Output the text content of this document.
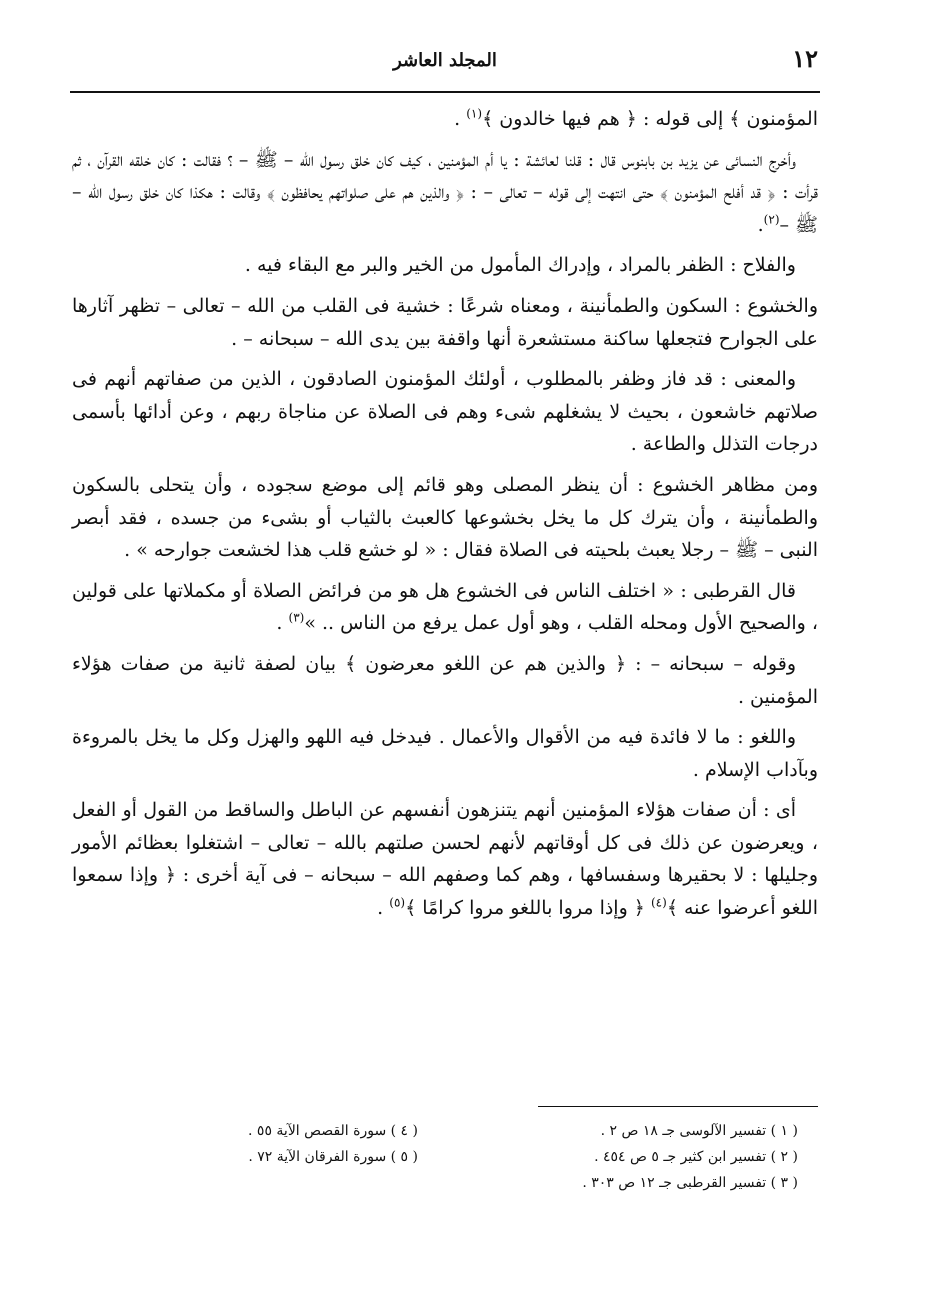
١٢
المجلد العاشر

المؤمنون ﴾ إلى قوله : ﴿ هم فيها خالدون ﴾$^{(١)}$ .

وأخرج النسائى عن يزيد بن بابنوس قال : قلنا لعائشة : يا أم المؤمنين ، كيف كان خلق رسول الله – ﷺ – ؟ فقالت : كان خلقه القرآن ، ثم قرأت : ﴿ قد أفلح المؤمنون ﴾ حتى انتهت إلى قوله – تعالى – : ﴿ والذين هم على صلواتهم يحافظون ﴾ وقالت : هكذا كان خلق رسول الله – ﷺ –$^{(٢)}$.

والفلاح : الظفر بالمراد ، وإدراك المأمول من الخير والبر مع البقاء فيه .

والخشوع : السكون والطمأنينة ، ومعناه شرعًا : خشية فى القلب من الله – تعالى – تظهر آثارها على الجوارح فتجعلها ساكنة مستشعرة أنها واقفة بين يدى الله – سبحانه – .

والمعنى : قد فاز وظفر بالمطلوب ، أولئك المؤمنون الصادقون ، الذين من صفاتهم أنهم فى صلاتهم خاشعون ، بحيث لا يشغلهم شىء وهم فى الصلاة عن مناجاة ربهم ، وعن أدائها بأسمى درجات التذلل والطاعة .

ومن مظاهر الخشوع : أن ينظر المصلى وهو قائم إلى موضع سجوده ، وأن يتحلى بالسكون والطمأنينة ، وأن يترك كل ما يخل بخشوعها كالعبث بالثياب أو بشىء من جسده ، فقد أبصر النبى – ﷺ – رجلا يعبث بلحيته فى الصلاة فقال : « لو خشع قلب هذا لخشعت جوارحه » .

قال القرطبى : « اختلف الناس فى الخشوع هل هو من فرائض الصلاة أو مكملاتها على قولين ، والصحيح الأول ومحله القلب ، وهو أول عمل يرفع من الناس .. »$^{(٣)}$ .

وقوله – سبحانه – : ﴿ والذين هم عن اللغو معرضون ﴾ بيان لصفة ثانية من صفات هؤلاء المؤمنين .

واللغو : ما لا فائدة فيه من الأقوال والأعمال . فيدخل فيه اللهو والهزل وكل ما يخل بالمروءة وبآداب الإسلام .

أى : أن صفات هؤلاء المؤمنين أنهم يتنزهون أنفسهم عن الباطل والساقط من القول أو الفعل ، ويعرضون عن ذلك فى كل أوقاتهم لأنهم لحسن صلتهم بالله – تعالى – اشتغلوا بعظائم الأمور وجليلها : لا بحقيرها وسفسافها ، وهم كما وصفهم الله – سبحانه – فى آية أخرى : ﴿ وإذا سمعوا اللغو أعرضوا عنه ﴾$^{(٤)}$ ﴿ وإذا مروا باللغو مروا كرامًا ﴾$^{(٥)}$ .

( ١ ) تفسير الآلوسى جـ ١٨ ص ٢ .
( ٢ ) تفسير ابن كثير جـ ٥ ص ٤٥٤ .
( ٣ ) تفسير القرطبى جـ ١٢ ص ٣٠٣ .
( ٤ ) سورة القصص الآية ٥٥ .
( ٥ ) سورة الفرقان الآية ٧٢ .
